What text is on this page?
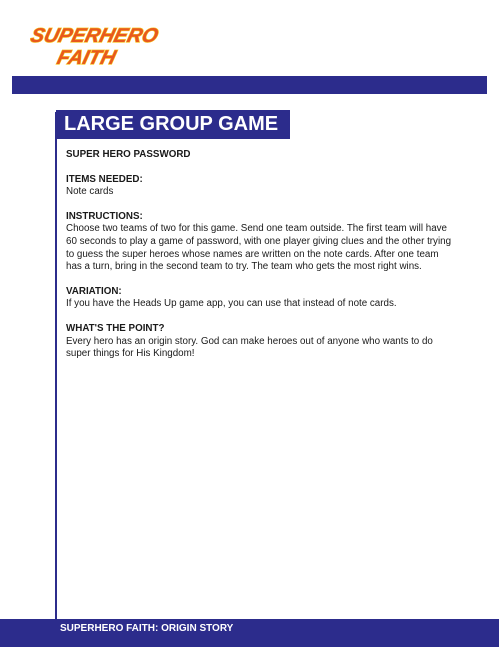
SUPERHERO
FAITH
LARGE GROUP GAME

SUPER HERO PASSWORD

ITEMS NEEDED:

Note cards

INSTRUCTIONS:

Choose two teams of two for this game. Send one team outside. The first team will have 60 seconds to play a game of password, with one player giving clues and the other trying to guess the super heroes whose names are written on the note cards. After one team has a turn, bring in the second team to try. The team who gets the most right wins.

VARIATION:

If you have the Heads Up game app, you can use that instead of note cards.

WHAT'S THE POINT?

Every hero has an origin story. God can make heroes out of anyone who wants to do super things for His Kingdom!

SUPERHERO FAITH: ORIGIN STORY
